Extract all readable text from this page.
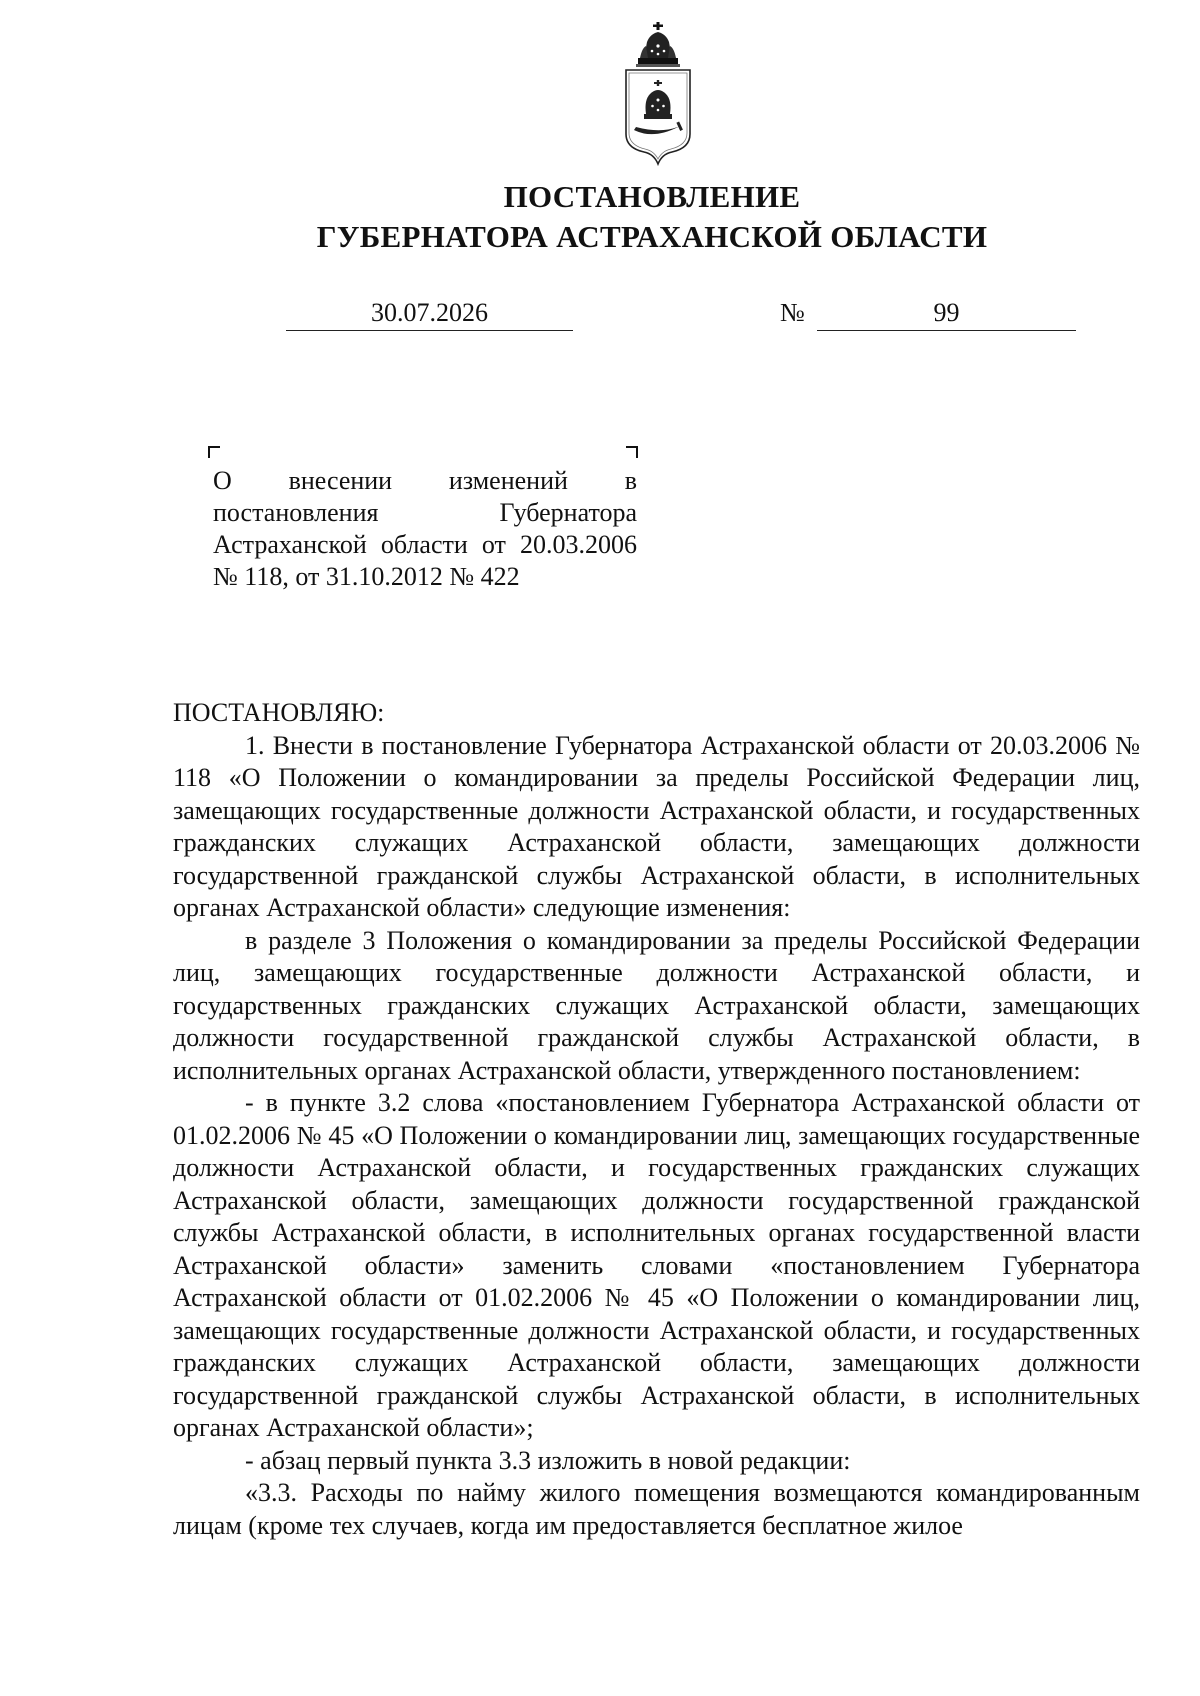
ПОСТАНОВЛЕНИЕ
ГУБЕРНАТОРА АСТРАХАНСКОЙ ОБЛАСТИ
30.07.2026	№	99

О внесении изменений в постановления Губернатора Астраханской области от 20.03.2006 № 118, от 31.10.2012 № 422

ПОСТАНОВЛЯЮ:

1. Внести в постановление Губернатора Астраханской области от 20.03.2006 № 118 «О Положении о командировании за пределы Российской Федерации лиц, замещающих государственные должности Астраханской области, и государственных гражданских служащих Астраханской области, замещающих должности государственной гражданской службы Астраханской области, в исполнительных органах Астраханской области» следующие изменения:

в разделе 3 Положения о командировании за пределы Российской Федерации лиц, замещающих государственные должности Астраханской области, и государственных гражданских служащих Астраханской области, замещающих должности государственной гражданской службы Астраханской области, в исполнительных органах Астраханской области, утвержденного постановлением:

- в пункте 3.2 слова «постановлением Губернатора Астраханской области от 01.02.2006 № 45 «О Положении о командировании лиц, замещающих государственные должности Астраханской области, и государственных гражданских служащих Астраханской области, замещающих должности государственной гражданской службы Астраханской области, в исполнительных органах государственной власти Астраханской области» заменить словами «постановлением Губернатора Астраханской области от 01.02.2006 № 45 «О Положении о командировании лиц, замещающих государственные должности Астраханской области, и государственных гражданских служащих Астраханской области, замещающих должности государственной гражданской службы Астраханской области, в исполнительных органах Астраханской области»;

- абзац первый пункта 3.3 изложить в новой редакции:

«3.3. Расходы по найму жилого помещения возмещаются командированным лицам (кроме тех случаев, когда им предоставляется бесплатное жилое
